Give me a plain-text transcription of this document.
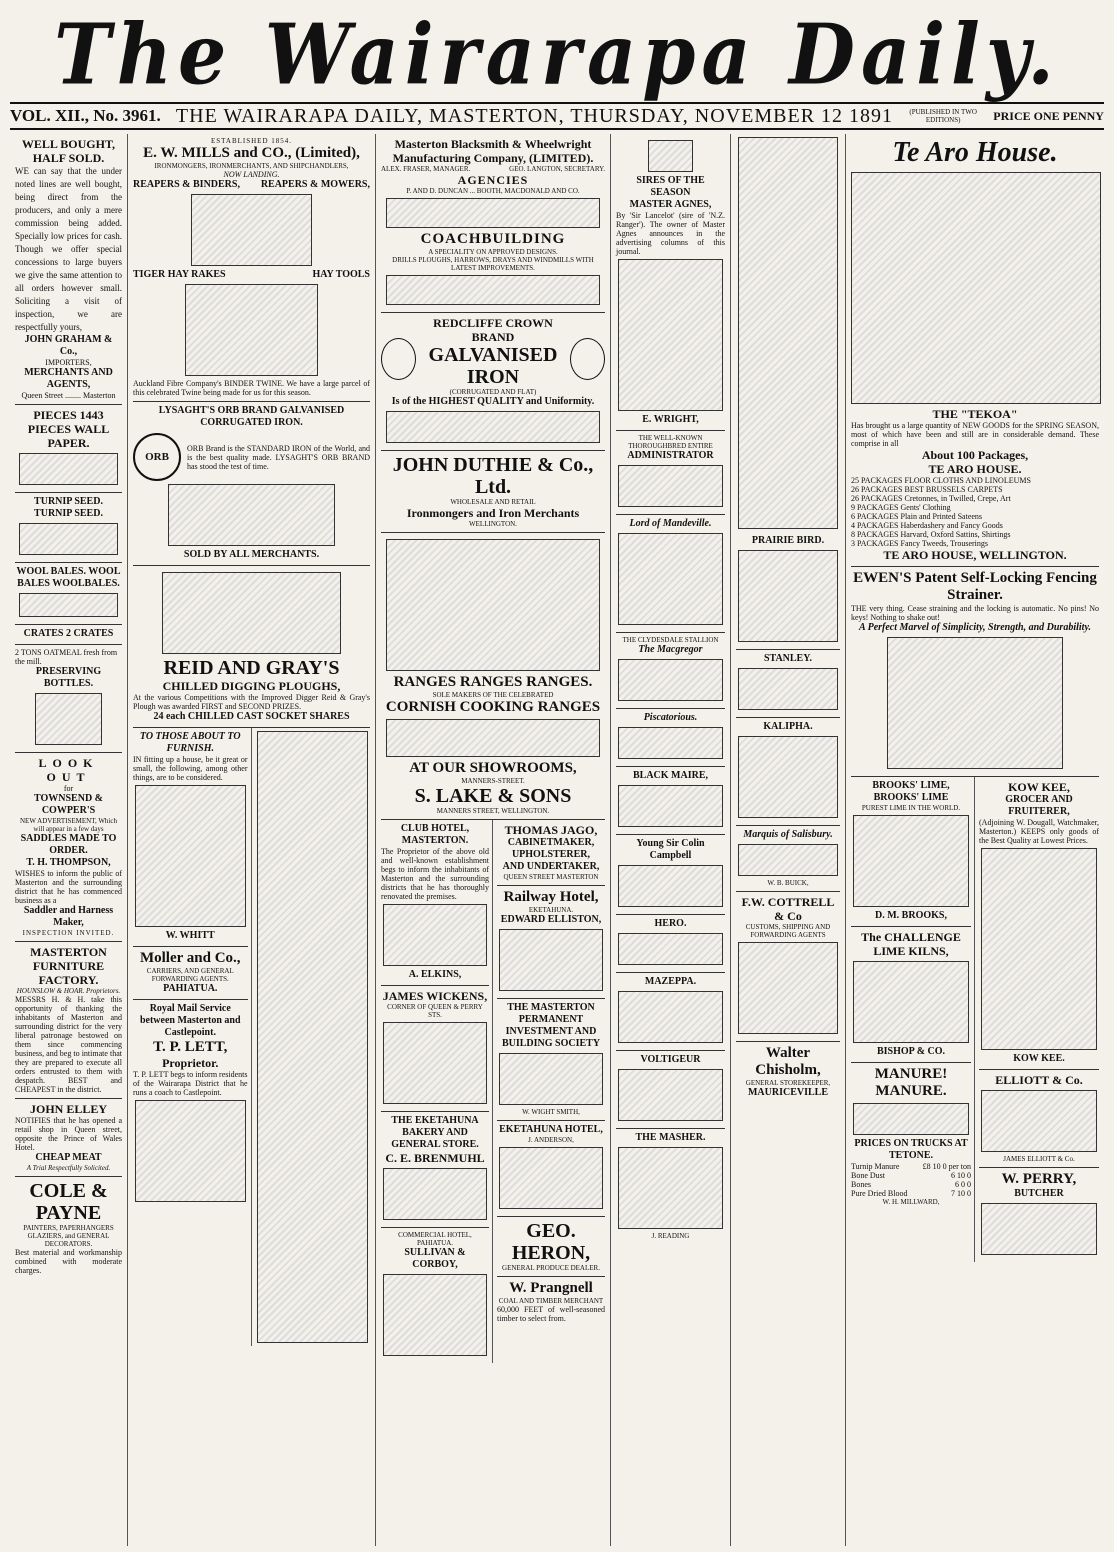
The Wairarapa Daily.
VOL. XII., No. 3961. THE WAIRARAPA DAILY, MASTERTON, THURSDAY, NOVEMBER 12 1891 (PUBLISHED IN TWO EDITIONS)	PRICE ONE PENNY
WELL BOUGHT, HALF SOLD.
WE can say that the under noted lines are well bought, being direct from the producers, and only a mere commission being added. Specially low prices for cash. Though we offer special concessions to large buyers we give the same attention to all orders however small. Soliciting a visit of inspection, we are respectfully yours,
JOHN GRAHAM & Co.,
IMPORTERS,
MERCHANTS AND AGENTS,
Queen Street ........ Masterton
PIECES 1443 PIECES WALL PAPER.
TURNIP SEED. TURNIP SEED.
WOOL BALES. WOOL BALES WOOLBALES.
CRATES 2 CRATES
2 TONS OATMEAL fresh from the mill.
PRESERVING BOTTLES.
LOOK OUT
for
TOWNSEND & COWPER'S
NEW ADVERTISEMENT, Which will appear in a few days
SADDLES MADE TO ORDER.
T. H. THOMPSON,
WISHES to inform the public of Masterton and the surrounding district that he has commenced business as a
Saddler and Harness Maker,
INSPECTION INVITED.
MASTERTON FURNITURE FACTORY.
HOUNSLOW & HOAR. Proprietors.
MESSRS H. & H. take this opportunity of thanking the inhabitants of Masterton and surrounding district for the very liberal patronage bestowed on them since commencing business, and beg to intimate that they are prepared to execute all orders entrusted to them with despatch. BEST and CHEAPEST in the district.
JOHN ELLEY
NOTIFIES that he has opened a retail shop in Queen street, opposite the Prince of Wales Hotel.
CHEAP MEAT
A Trial Respectfully Solicited.
COLE & PAYNE
PAINTERS, PAPERHANGERS GLAZIERS, and GENERAL DECORATORS.
Best material and workmanship combined with moderate charges.
ESTABLISHED 1854.
E. W. MILLS and CO., (Limited),
IRONMONGERS, IRONMERCHANTS, AND SHIPCHANDLERS,
NOW LANDING.
REAPERS & BINDERS, REAPERS & MOWERS,
TIGER HAY RAKES	HAY TOOLS
Auckland Fibre Company's BINDER TWINE. We have a large parcel of this celebrated Twine being made for us for this season.
LYSAGHT'S ORB BRAND GALVANISED CORRUGATED IRON.
ORB
ORB Brand is the STANDARD IRON of the World, and is the best quality made. LYSAGHT'S ORB BRAND has stood the test of time.
SOLD BY ALL MERCHANTS.
REID AND GRAY'S
CHILLED DIGGING PLOUGHS,
At the various Competitions with the Improved Digger Reid & Gray's Plough was awarded FIRST and SECOND PRIZES.
24 each CHILLED CAST SOCKET SHARES
TO THOSE ABOUT TO FURNISH.
IN fitting up a house, be it great or small, the following, among other things, are to be considered.
W. WHITT
Moller and Co.,
CARRIERS, AND GENERAL FORWARDING AGENTS.
PAHIATUA.
Royal Mail Service between Masterton and Castlepoint.
T. P. LETT,
Proprietor.
T. P. LETT begs to inform residents of the Wairarapa District that he runs a coach to Castlepoint.
Masterton Blacksmith & Wheelwright Manufacturing Company, (LIMITED).
ALEX. FRASER, MANAGER.	GEO. LANGTON, SECRETARY.
AGENCIES
P. AND D. DUNCAN ... BOOTH, MACDONALD AND CO.
COACHBUILDING
A SPECIALITY ON APPROVED DESIGNS.
DRILLS PLOUGHS, HARROWS, DRAYS AND WINDMILLS WITH LATEST IMPROVEMENTS.
REDCLIFFE CROWN
BRAND
GALVANISED IRON
(CORRUGATED AND FLAT)
Is of the HIGHEST QUALITY and Uniformity.
JOHN DUTHIE & Co., Ltd.
WHOLESALE AND RETAIL
Ironmongers and Iron Merchants
WELLINGTON.
RANGES RANGES RANGES.
SOLE MAKERS OF THE CELEBRATED
CORNISH COOKING RANGES
AT OUR SHOWROOMS,
MANNERS-STREET.
S. LAKE & SONS
MANNERS STREET, WELLINGTON.
CLUB HOTEL, MASTERTON.
The Proprietor of the above old and well-known establishment begs to inform the inhabitants of Masterton and the surrounding districts that he has thoroughly renovated the premises.
A. ELKINS,
JAMES WICKENS,
CORNER OF QUEEN & PERRY STS.
THE EKETAHUNA BAKERY AND GENERAL STORE.
C. E. BRENMUHL
COMMERCIAL HOTEL, PAHIATUA.
SULLIVAN & CORBOY,
THOMAS JAGO,
CABINETMAKER,
UPHOLSTERER,
AND UNDERTAKER,
QUEEN STREET MASTERTON
Railway Hotel,
EKETAHUNA.
EDWARD ELLISTON,
THE MASTERTON PERMANENT INVESTMENT AND BUILDING SOCIETY
W. WIGHT SMITH,
EKETAHUNA HOTEL,
J. ANDERSON,
GEO. HERON,
GENERAL PRODUCE DEALER.
W. Prangnell
COAL AND TIMBER MERCHANT
60,000 FEET of well-seasoned timber to select from.
SIRES OF THE SEASON
MASTER AGNES,
By 'Sir Lancelot' (sire of 'N.Z. Ranger'). The owner of Master Agnes announces in the advertising columns of this journal.
E. WRIGHT,
THE WELL-KNOWN THOROUGHBRED ENTIRE
ADMINISTRATOR
Lord of Mandeville.
THE CLYDESDALE STALLION
The Macgregor
Piscatorious.
BLACK MAIRE,
Young Sir Colin Campbell
HERO.
MAZEPPA.
VOLTIGEUR
THE MASHER.
J. READING
PRAIRIE BIRD.
STANLEY.
KALIPHA.
Marquis of Salisbury.
W. B. BUICK,
F.W. COTTRELL & Co
CUSTOMS, SHIPPING AND FORWARDING AGENTS
Walter Chisholm,
GENERAL STOREKEEPER,
MAURICEVILLE
Te Aro House.
THE "TEKOA"
Has brought us a large quantity of NEW GOODS for the SPRING SEASON, most of which have been and still are in considerable demand. These comprise in all
About 100 Packages,
TE ARO HOUSE.
25 PACKAGES FLOOR CLOTHS AND LINOLEUMS
26 PACKAGES BEST BRUSSELS CARPETS
26 PACKAGES Cretonnes, in Twilled, Crepe, Art
9 PACKAGES Gents' Clothing
6 PACKAGES Plain and Printed Sateens
4 PACKAGES Haberdashery and Fancy Goods
8 PACKAGES Harvard, Oxford Sattins, Shirtings
3 PACKAGES Fancy Tweeds, Trouserings
TE ARO HOUSE, WELLINGTON.
EWEN'S Patent Self-Locking Fencing Strainer.
THE very thing. Cease straining and the locking is automatic. No pins! No keys! Nothing to shake out!
A Perfect Marvel of Simplicity, Strength, and Durability.
BROOKS' LIME, BROOKS' LIME
PUREST LIME IN THE WORLD.
D. M. BROOKS,
The CHALLENGE LIME KILNS,
BISHOP & CO.
MANURE! MANURE.
PRICES ON TRUCKS AT TETONE.
Turnip Manure	£8 10 0 per ton
Bone Dust	6 10 0
Bones	6 0 0
Pure Dried Blood	7 10 0
W. H. MILLWARD,
KOW KEE,
GROCER AND FRUITERER,
(Adjoining W. Dougall, Watchmaker, Masterton.) KEEPS only goods of the Best Quality at Lowest Prices.
KOW KEE.
ELLIOTT & Co.
JAMES ELLIOTT & Co.
W. PERRY,
BUTCHER
